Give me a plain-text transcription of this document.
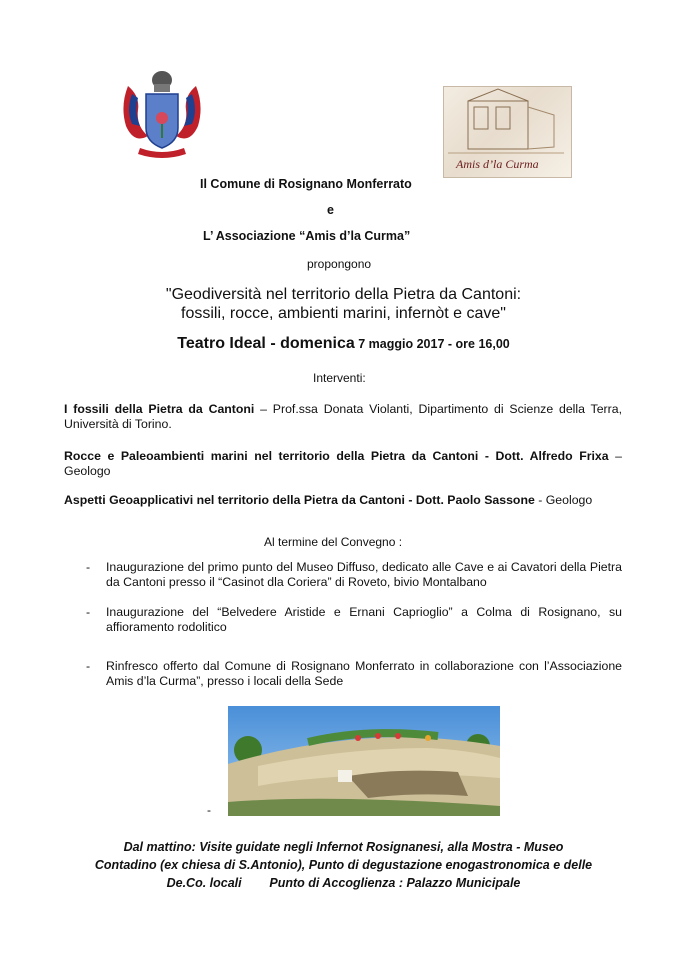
Amis d’la Curma
Il Comune di Rosignano Monferrato
e
L’ Associazione “Amis d’la Curma”
propongono
"Geodiversità nel territorio della Pietra da Cantoni:
fossili, rocce, ambienti marini, infernòt e cave"
Teatro Ideal - domenica 7 maggio 2017 - ore 16,00
Interventi:
I fossili della Pietra da Cantoni – Prof.ssa Donata Violanti, Dipartimento di Scienze della Terra, Università di Torino.
Rocce e Paleoambienti marini nel territorio della Pietra da Cantoni - Dott. Alfredo Frixa – Geologo
Aspetti Geoapplicativi nel territorio della Pietra da Cantoni - Dott. Paolo Sassone - Geologo
Al termine del Convegno :
- Inaugurazione del primo punto del Museo Diffuso, dedicato alle Cave e ai Cavatori della Pietra da Cantoni presso il “Casinot dla Coriera” di Roveto, bivio Montalbano
- Inaugurazione del “Belvedere Aristide e Ernani Caprioglio” a Colma di Rosignano, su affioramento rodolitico
- Rinfresco offerto dal Comune di Rosignano Monferrato in collaborazione con l’Associazione Amis d’la Curma”, presso i locali della Sede
-
Dal mattino: Visite guidate negli Infernot Rosignanesi, alla Mostra - Museo
Contadino (ex chiesa di S.Antonio), Punto di degustazione enogastronomica e delle
De.Co. locali        Punto di Accoglienza : Palazzo Municipale
